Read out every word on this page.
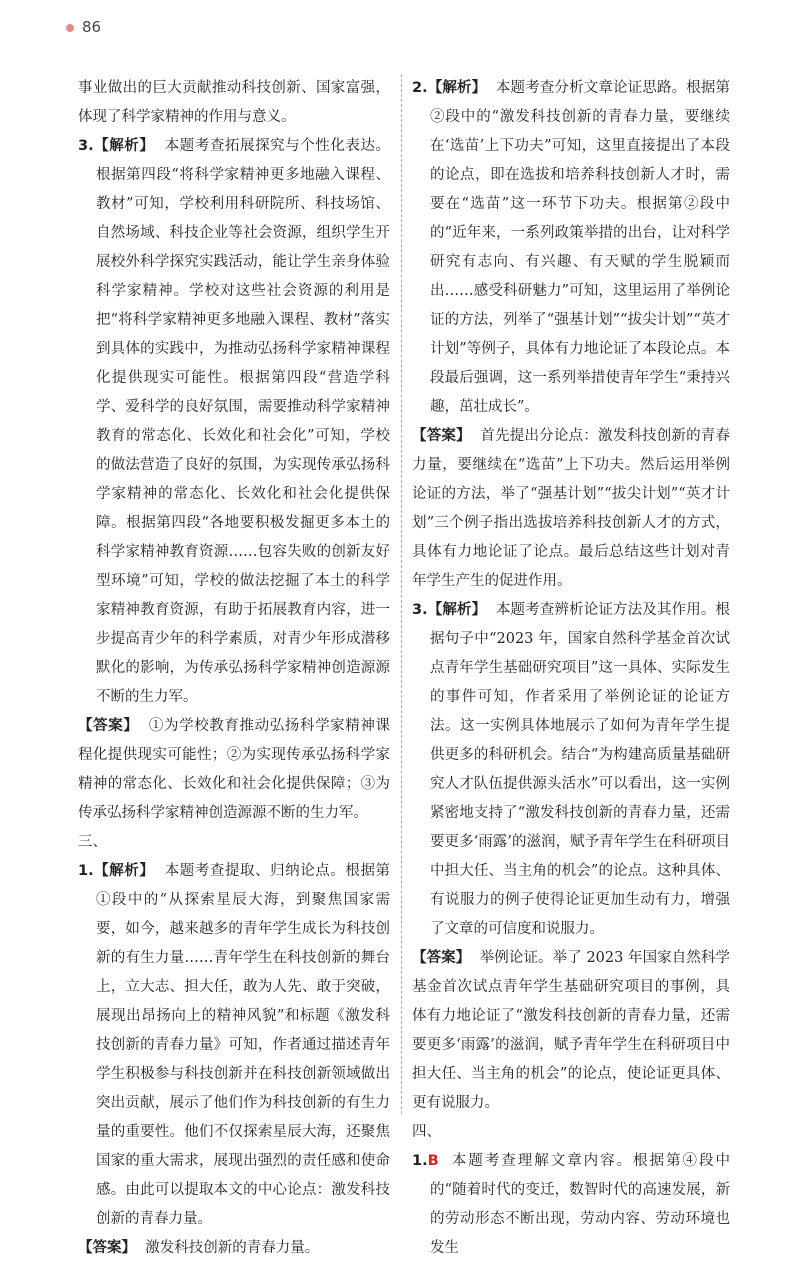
86

事业做出的巨大贡献推动科技创新、国家富强，体现了科学家精神的作用与意义。

3.【解析】 本题考查拓展探究与个性化表达。根据第四段“将科学家精神更多地融入课程、教材”可知，学校利用科研院所、科技场馆、自然场域、科技企业等社会资源，组织学生开展校外科学探究实践活动，能让学生亲身体验科学家精神。学校对这些社会资源的利用是把“将科学家精神更多地融入课程、教材”落实到具体的实践中，为推动弘扬科学家精神课程化提供现实可能性。根据第四段“营造学科学、爱科学的良好氛围，需要推动科学家精神教育的常态化、长效化和社会化”可知，学校的做法营造了良好的氛围，为实现传承弘扬科学家精神的常态化、长效化和社会化提供保障。根据第四段“各地要积极发掘更多本土的科学家精神教育资源……包容失败的创新友好型环境”可知，学校的做法挖掘了本土的科学家精神教育资源，有助于拓展教育内容，进一步提高青少年的科学素质，对青少年形成潜移默化的影响，为传承弘扬科学家精神创造源源不断的生力军。

【答案】 ①为学校教育推动弘扬科学家精神课程化提供现实可能性；②为实现传承弘扬科学家精神的常态化、长效化和社会化提供保障；③为传承弘扬科学家精神创造源源不断的生力军。

三、

1.【解析】 本题考查提取、归纳论点。根据第①段中的“从探索星辰大海，到聚焦国家需要，如今，越来越多的青年学生成长为科技创新的有生力量……青年学生在科技创新的舞台上，立大志、担大任，敢为人先、敢于突破，展现出昂扬向上的精神风貌”和标题《激发科技创新的青春力量》可知，作者通过描述青年学生积极参与科技创新并在科技创新领域做出突出贡献，展示了他们作为科技创新的有生力量的重要性。他们不仅探索星辰大海，还聚焦国家的重大需求，展现出强烈的责任感和使命感。由此可以提取本文的中心论点：激发科技创新的青春力量。

【答案】 激发科技创新的青春力量。

2.【解析】 本题考查分析文章论证思路。根据第②段中的“激发科技创新的青春力量，要继续在‘选苗’上下功夫”可知，这里直接提出了本段的论点，即在选拔和培养科技创新人才时，需要在“选苗”这一环节下功夫。根据第②段中的“近年来，一系列政策举措的出台，让对科学研究有志向、有兴趣、有天赋的学生脱颖而出……感受科研魅力”可知，这里运用了举例论证的方法，列举了“强基计划”“拔尖计划”“英才计划”等例子，具体有力地论证了本段论点。本段最后强调，这一系列举措使青年学生“秉持兴趣，茁壮成长”。

【答案】 首先提出分论点：激发科技创新的青春力量，要继续在“选苗”上下功夫。然后运用举例论证的方法，举了“强基计划”“拔尖计划”“英才计划”三个例子指出选拔培养科技创新人才的方式，具体有力地论证了论点。最后总结这些计划对青年学生产生的促进作用。

3.【解析】 本题考查辨析论证方法及其作用。根据句子中“2023 年，国家自然科学基金首次试点青年学生基础研究项目”这一具体、实际发生的事件可知，作者采用了举例论证的论证方法。这一实例具体地展示了如何为青年学生提供更多的科研机会。结合“为构建高质量基础研究人才队伍提供源头活水”可以看出，这一实例紧密地支持了“激发科技创新的青春力量，还需要更多‘雨露’的滋润，赋予青年学生在科研项目中担大任、当主角的机会”的论点。这种具体、有说服力的例子使得论证更加生动有力，增强了文章的可信度和说服力。

【答案】 举例论证。举了 2023 年国家自然科学基金首次试点青年学生基础研究项目的事例，具体有力地论证了“激发科技创新的青春力量，还需要更多‘雨露’的滋润，赋予青年学生在科研项目中担大任、当主角的机会”的论点，使论证更具体、更有说服力。

四、

1.B 本题考查理解文章内容。根据第④段中的“随着时代的变迁，数智时代的高速发展，新的劳动形态不断出现，劳动内容、劳动环境也发生
